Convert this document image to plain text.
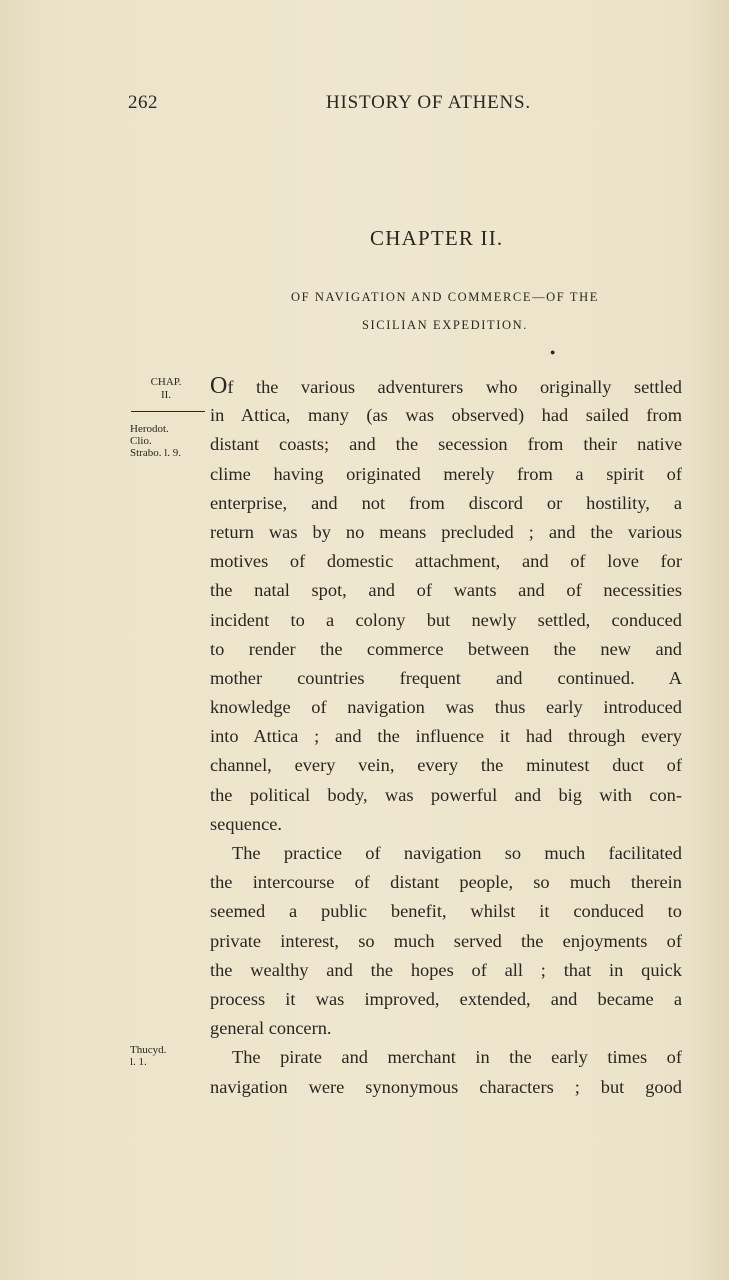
262	HISTORY OF ATHENS.
CHAPTER II.
OF NAVIGATION AND COMMERCE—OF THE
SICILIAN EXPEDITION.
●
CHAP.
II.
Herodot.
Clio.
Strabo. l. 9.
Thucyd.
l. 1.
Of the various adventurers who originally settled
in Attica, many (as was observed) had sailed from
distant coasts; and the secession from their native
clime having originated merely from a spirit of
enterprise, and not from discord or hostility, a
return was by no means precluded ; and the various
motives of domestic attachment, and of love for
the natal spot, and of wants and of necessities
incident to a colony but newly settled, conduced
to render the commerce between the new and
mother countries frequent and continued. A
knowledge of navigation was thus early introduced
into Attica ; and the influence it had through every
channel, every vein, every the minutest duct of
the political body, was powerful and big with con-
sequence.
The practice of navigation so much facilitated
the intercourse of distant people, so much therein
seemed a public benefit, whilst it conduced to
private interest, so much served the enjoyments of
the wealthy and the hopes of all ; that in quick
process it was improved, extended, and became a
general concern.
The pirate and merchant in the early times of
navigation were synonymous characters ; but good
